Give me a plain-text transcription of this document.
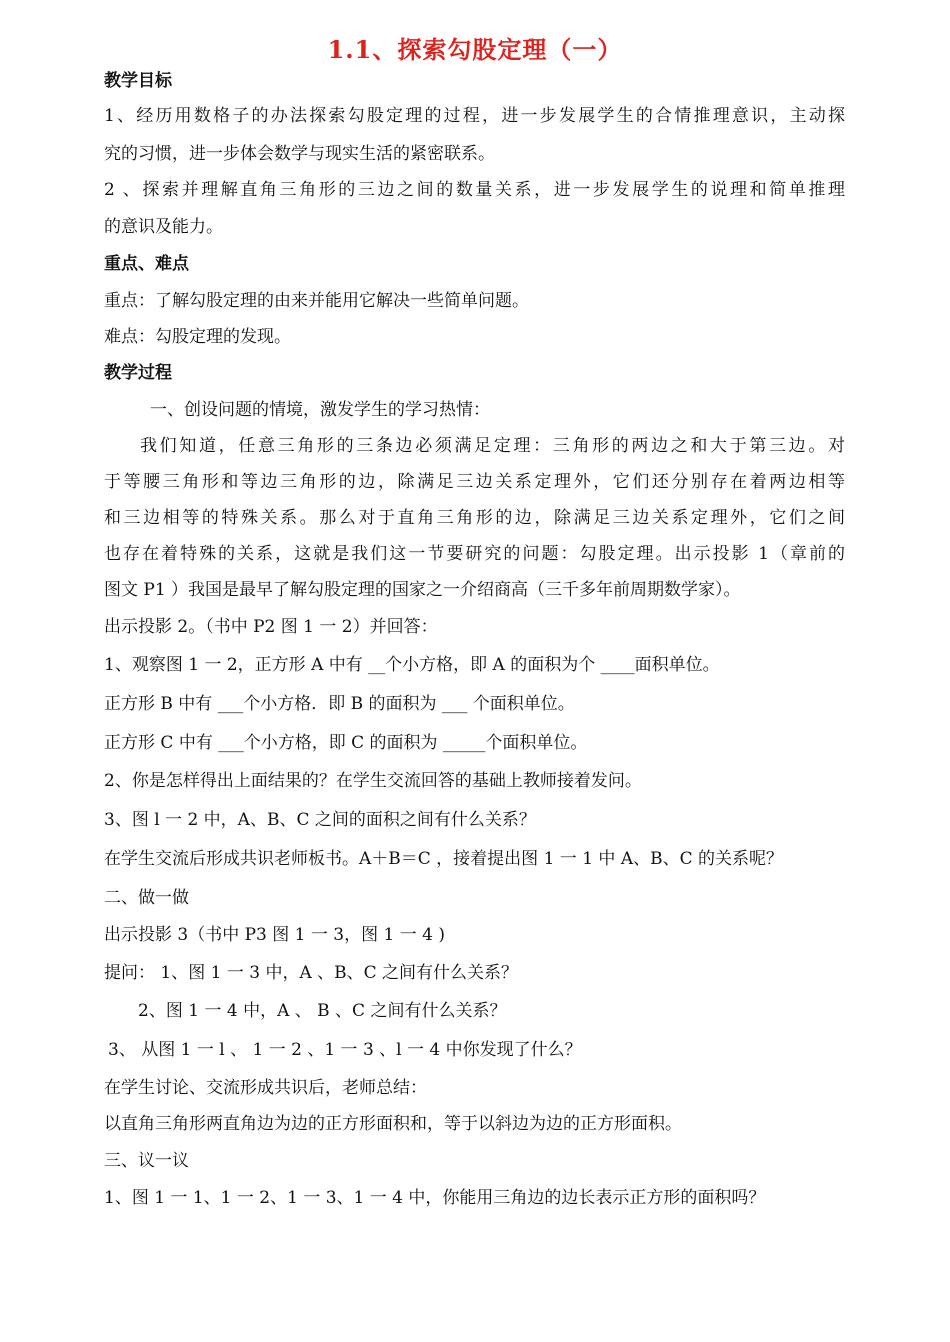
1.1、探索勾股定理（一）
教学目标
1、经历用数格子的办法探索勾股定理的过程，进一步发展学生的合情推理意识，主动探
究的习惯，进一步体会数学与现实生活的紧密联系。
2 、探索并理解直角三角形的三边之间的数量关系，进一步发展学生的说理和简单推理
的意识及能力。
重点、难点
重点：了解勾股定理的由来并能用它解决一些简单问题。
难点：勾股定理的发现。
教学过程
一、创设问题的情境，激发学生的学习热情：
我们知道，任意三角形的三条边必须满足定理：三角形的两边之和大于第三边。对
于等腰三角形和等边三角形的边，除满足三边关系定理外，它们还分别存在着两边相等
和三边相等的特殊关系。那么对于直角三角形的边，除满足三边关系定理外，它们之间
也存在着特殊的关系，这就是我们这一节要研究的问题：勾股定理。出示投影 1（章前的
图文 P1 ）我国是最早了解勾股定理的国家之一介绍商高（三千多年前周期数学家）。
出示投影 2。（书中 P2 图 1 一 2）并回答：
1、观察图 1 一 2，正方形 A 中有 __个小方格，即 A 的面积为个 ____面积单位。
正方形 B 中有 ___个小方格．即 B 的面积为 ___ 个面积单位。
正方形 C 中有 ___个小方格，即 C 的面积为 _____个面积单位。
2、你是怎样得出上面结果的？在学生交流回答的基础上教师接着发问。
3、图 l 一 2 中，A、B、C 之间的面积之间有什么关系？
在学生交流后形成共识老师板书。A＋B＝C ，接着提出图 1 一 1 中 A、B、C 的关系呢？
二、做一做
出示投影 3（书中 P3 图 1 一 3，图 1 一 4 )
提问： 1、图 1 一 3 中，A 、B、C 之间有什么关系？
2、图 1 一 4 中，A 、 B 、C 之间有什么关系？
3、 从图 1 一 l 、 1 一 2 、1 一 3 、l 一 4 中你发现了什么？
在学生讨论、交流形成共识后，老师总结：
以直角三角形两直角边为边的正方形面积和，等于以斜边为边的正方形面积。
三、议一议
1、图 1 一 1、1 一 2、1 一 3、1 一 4 中，你能用三角边的边长表示正方形的面积吗？
